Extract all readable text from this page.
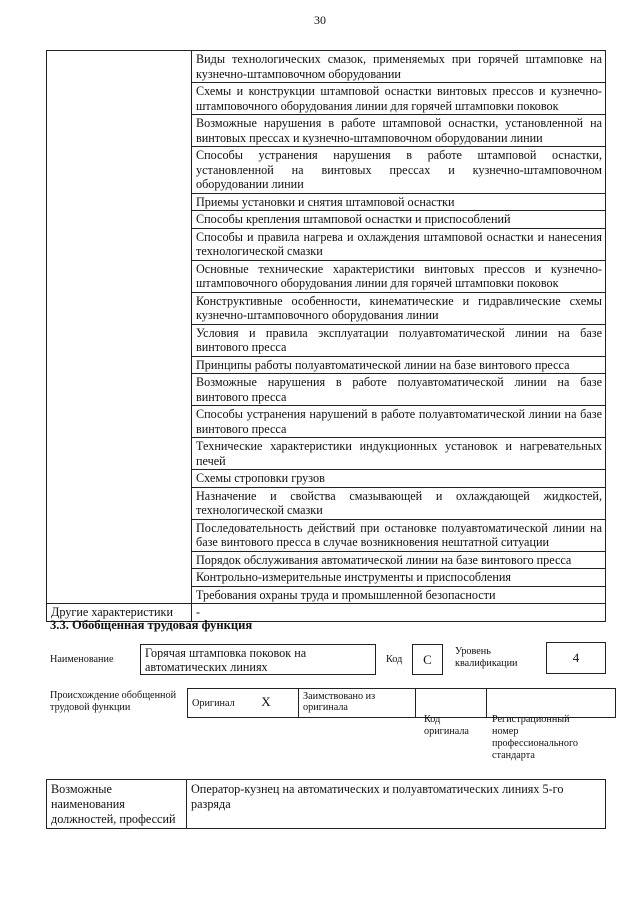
30
	Виды технологических смазок, применяемых при горячей штамповке на кузнечно-штамповочном оборудовании
	Схемы и конструкции штамповой оснастки винтовых прессов и кузнечно-штамповочного оборудования линии для горячей штамповки поковок
	Возможные нарушения в работе штамповой оснастки, установленной на винтовых прессах и кузнечно-штамповочном оборудовании линии
	Способы устранения нарушения в работе штамповой оснастки, установленной на винтовых прессах и кузнечно-штамповочном оборудовании линии
	Приемы установки и снятия штамповой оснастки
	Способы крепления штамповой оснастки и приспособлений
	Способы и правила нагрева и охлаждения штамповой оснастки и нанесения технологической смазки
	Основные технические характеристики винтовых прессов и кузнечно-штамповочного оборудования линии для горячей штамповки поковок
	Конструктивные особенности, кинематические и гидравлические схемы кузнечно-штамповочного оборудования линии
	Условия и правила эксплуатации полуавтоматической линии на базе винтового пресса
	Принципы работы полуавтоматической линии на базе винтового пресса
	Возможные нарушения в работе полуавтоматической линии на базе винтового пресса
	Способы устранения нарушений в работе полуавтоматической линии на базе винтового пресса
	Технические характеристики индукционных установок и нагревательных печей
	Схемы строповки грузов
	Назначение и свойства смазывающей и охлаждающей жидкостей, технологической смазки
	Последовательность действий при остановке полуавтоматической линии на базе винтового пресса в случае возникновения нештатной ситуации
	Порядок обслуживания автоматической линии на базе винтового пресса
	Контрольно-измерительные инструменты и приспособления
	Требования охраны труда и промышленной безопасности
Другие характеристики	-
3.3. Обобщенная трудовая функция
Наименование	Горячая штамповка поковок на автоматических линиях
Код	C
Уровень квалификации	4
Происхождение обобщенной трудовой функции	Оригинал X	Заимствовано из оригинала		
Код оригинала
Регистрационный номер профессионального стандарта
Возможные наименования должностей, профессий	Оператор-кузнец на автоматических и полуавтоматических линиях 5-го разряда
